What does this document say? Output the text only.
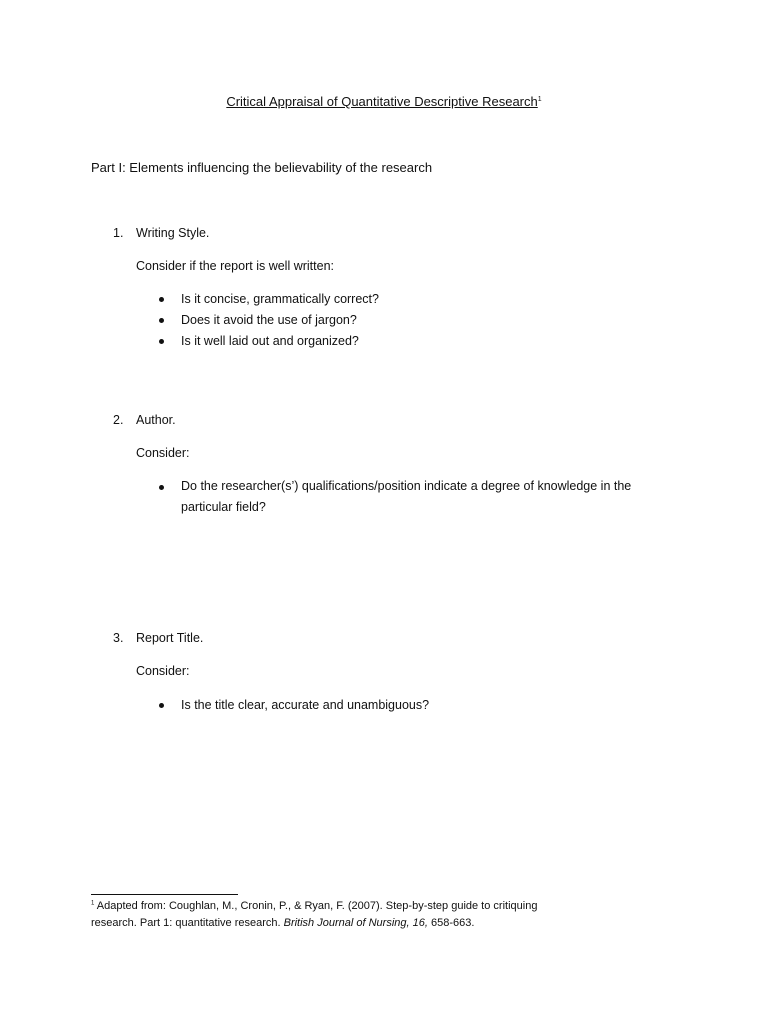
Critical Appraisal of Quantitative Descriptive Research$^1$
Part I: Elements influencing the believability of the research
1. Writing Style.
Consider if the report is well written:
Is it concise, grammatically correct?
Does it avoid the use of jargon?
Is it well laid out and organized?
2. Author.
Consider:
Do the researcher(s’) qualifications/position indicate a degree of knowledge in the particular field?
3. Report Title.
Consider:
Is the title clear, accurate and unambiguous?
$^1$ Adapted from: Coughlan, M., Cronin, P., & Ryan, F. (2007). Step-by-step guide to critiquing
research. Part 1: quantitative research. British Journal of Nursing, 16, 658-663.
